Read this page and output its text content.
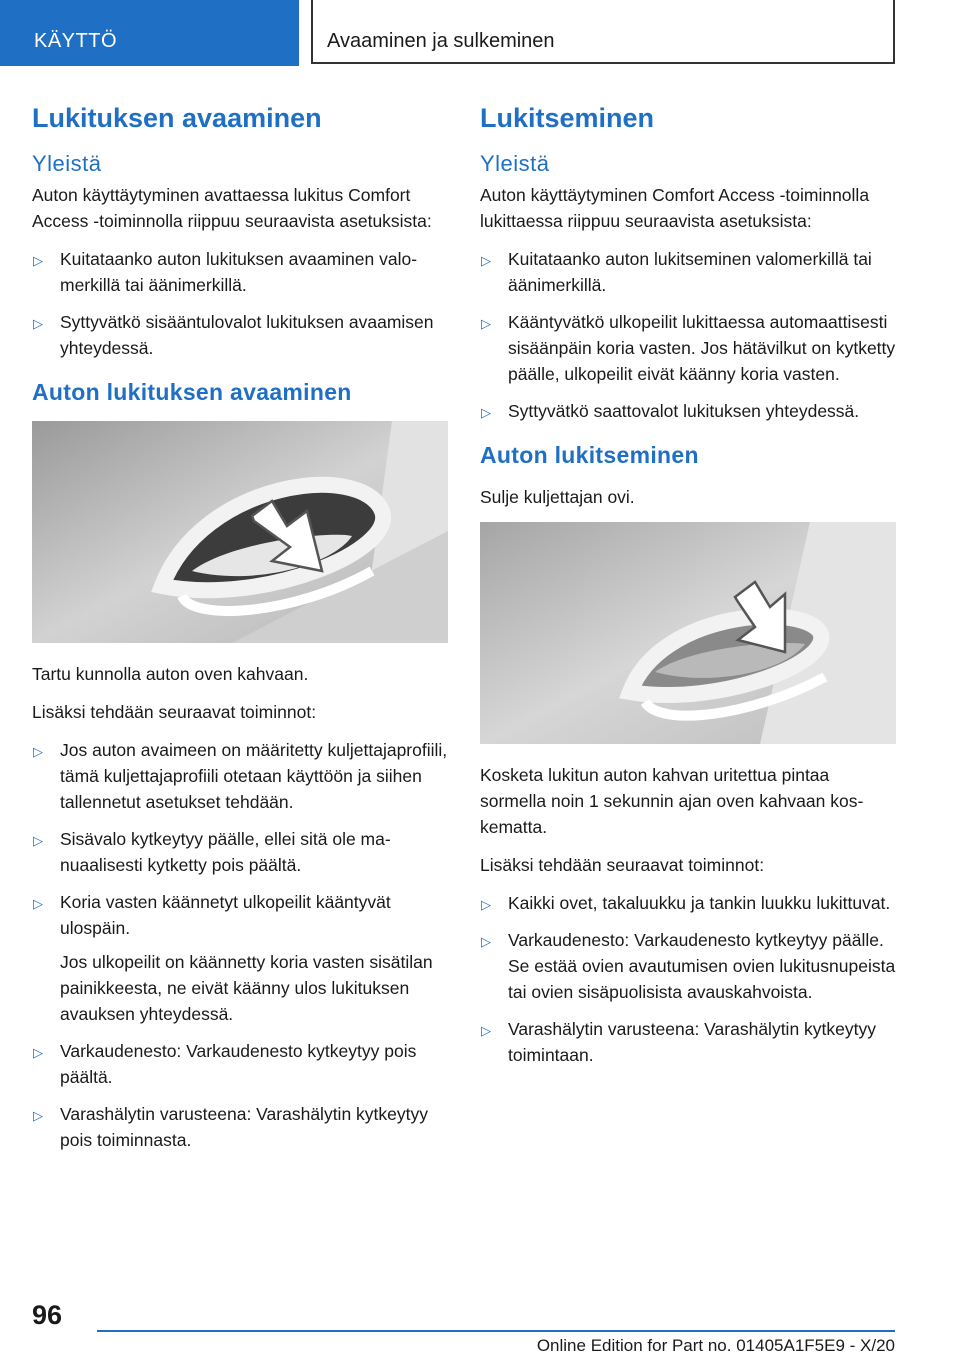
KÄYTTÖ	Avaaminen ja sulkeminen
Lukituksen avaaminen
Yleistä

Auton käyttäytyminen avattaessa lukitus Comfort Access -toiminnolla riippuu seuraavista asetuksista:

▷ Kuitataanko auton lukituksen avaaminen valomerkillä tai äänimerkillä.
▷ Syttyvätkö sisääntulovalot lukituksen avaamisen yhteydessä.
Auton lukituksen avaaminen

Tartu kunnolla auton oven kahvaan.

Lisäksi tehdään seuraavat toiminnot:

▷ Jos auton avaimeen on määritetty kuljettajaprofiili, tämä kuljettajaprofiili otetaan käyttöön ja siihen tallennetut asetukset tehdään.
▷ Sisävalo kytkeytyy päälle, ellei sitä ole manuaalisesti kytketty pois päältä.
▷ Koria vasten käännetyt ulkopeilit kääntyvät ulospäin.
Jos ulkopeilit on käännetty koria vasten sisätilan painikkeesta, ne eivät käänny ulos lukituksen avauksen yhteydessä.
▷ Varkaudenesto: Varkaudenesto kytkeytyy pois päältä.
▷ Varashälytin varusteena: Varashälytin kytkeytyy pois toiminnasta.
Lukitseminen
Yleistä

Auton käyttäytyminen Comfort Access -toiminnolla lukittaessa riippuu seuraavista asetuksista:

▷ Kuitataanko auton lukitseminen valomerkillä tai äänimerkillä.
▷ Kääntyvätkö ulkopeilit lukittaessa automaattisesti sisäänpäin koria vasten. Jos hätävilkut on kytketty päälle, ulkopeilit eivät käänny koria vasten.
▷ Syttyvätkö saattovalot lukituksen yhteydessä.
Auton lukitseminen

Sulje kuljettajan ovi.

Kosketa lukitun auton kahvan uritettua pintaa sormella noin 1 sekunnin ajan oven kahvaan koskematta.

Lisäksi tehdään seuraavat toiminnot:

▷ Kaikki ovet, takaluukku ja tankin luukku lukittuvat.
▷ Varkaudenesto: Varkaudenesto kytkeytyy päälle. Se estää ovien avautumisen ovien lukitusnupeista tai ovien sisäpuolisista avauskahvoista.
▷ Varashälytin varusteena: Varashälytin kytkeytyy toimintaan.
96
Online Edition for Part no. 01405A1F5E9 - X/20
